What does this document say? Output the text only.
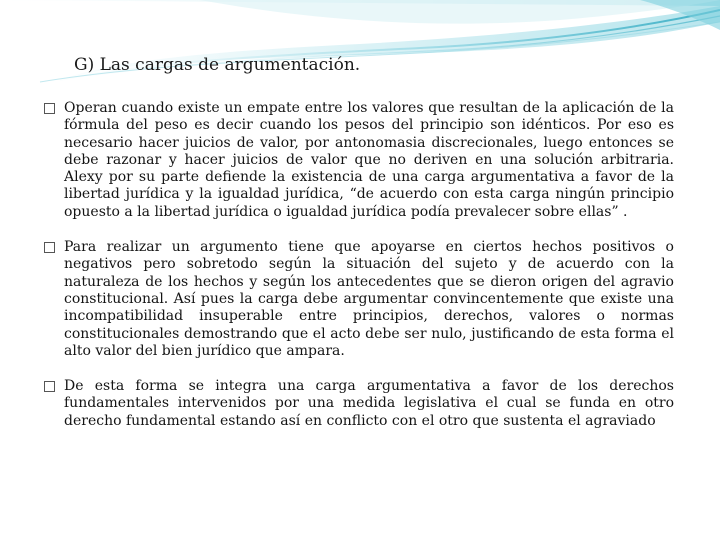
G) Las cargas de argumentación.
Operan cuando existe un empate entre los valores que resultan de la aplicación de la fórmula del peso es decir cuando los pesos del principio son idénticos. Por eso es necesario hacer juicios de valor, por antonomasia discrecionales, luego entonces se debe razonar y hacer juicios de valor que no deriven en una solución arbitraria. Alexy por su parte defiende la existencia de una carga argumentativa a favor de la libertad jurídica y la igualdad jurídica, “de acuerdo con esta carga ningún principio opuesto a la libertad jurídica o igualdad jurídica podía prevalecer sobre ellas” .
Para realizar un argumento tiene que apoyarse en ciertos hechos positivos o negativos pero sobretodo según la situación del sujeto y de acuerdo con la naturaleza de los hechos y según los antecedentes que se dieron origen del agravio constitucional. Así pues la carga debe argumentar convincentemente que existe una incompatibilidad insuperable entre principios, derechos, valores o normas constitucionales demostrando que el acto debe ser nulo, justificando de esta forma el alto valor del bien jurídico que ampara.
De esta forma se integra una carga argumentativa a favor de los derechos fundamentales intervenidos por una medida legislativa el cual se funda en otro derecho fundamental estando así en conflicto con el otro que sustenta el agraviado
